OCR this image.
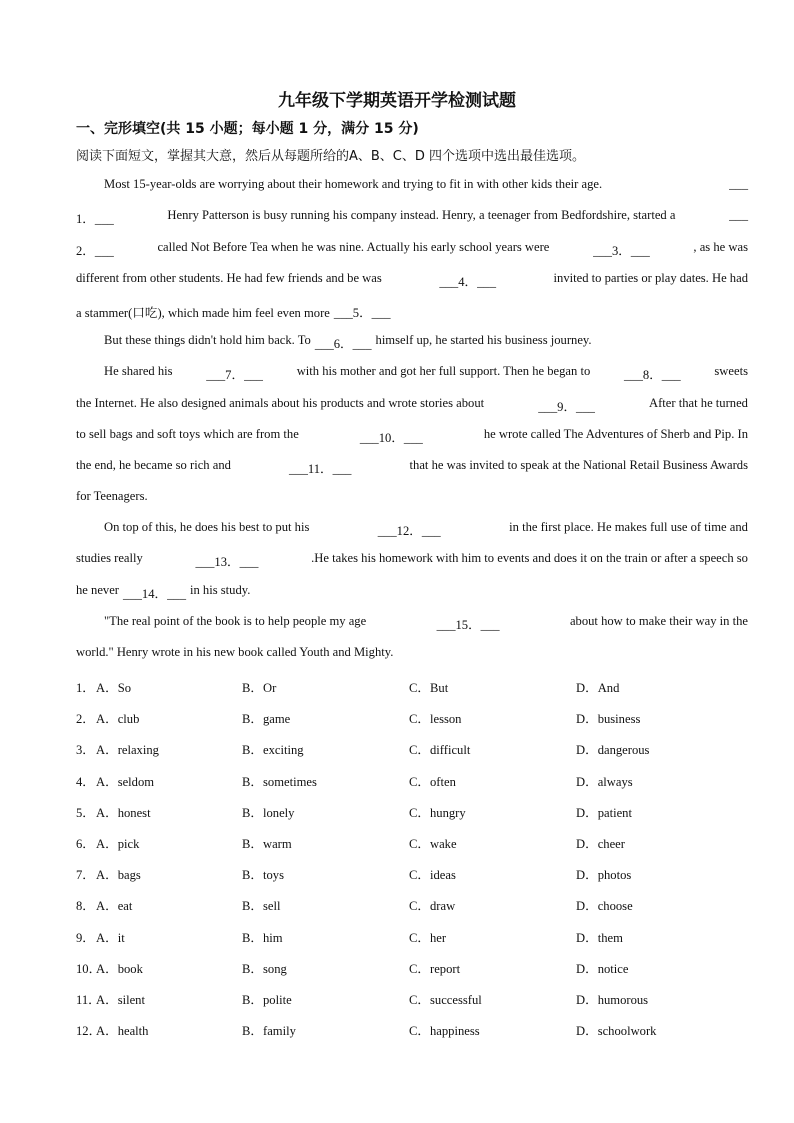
九年级下学期英语开学检测试题
一、完形填空(共 15 小题；每小题 1 分，满分 15 分)
阅读下面短文，掌握其大意，然后从每题所给的A、B、C、D 四个选项中选出最佳选项。
Most 15-year-olds are worrying about their homework and trying to fit in with other kids their age.	___
1．___	Henry Patterson is busy running his company instead. Henry, a teenager from Bedfordshire, started a	___
2．___	called Not Before Tea when he was nine. Actually his early school years were	___3．___	, as he was
different from other students. He had few friends and be was	___4．___	invited to parties or play dates. He had
a stammer(口吃), which made him feel even more ___5．___
But these things didn't hold him back. To ___6．___ himself up, he started his business journey.
He shared his	___7．___	with his mother and got her full support. Then he began to	___8．___	sweets
the Internet. He also designed animals about his products and wrote stories about	___9．___	After that he turned
to sell bags and soft toys which are from the	___10．___	he wrote called The Adventures of Sherb and Pip. In
the end, he became so rich and	___11．___	that he was invited to speak at the National Retail Business Awards
for Teenagers.
On top of this, he does his best to put his	___12．___	in the first place. He makes full use of time and
studies really	___13．___	.He takes his homework with him to events and does it on the train or after a speech so
he never ___14．___ in his study.
"The real point of the book is to help people my age	___15．___	about how to make their way in the
world." Henry wrote in his new book called Youth and Mighty.
1． A．So	B．Or	C．But	D．And
2． A．club	B．game	C．lesson	D．business
3． A．relaxing	B．exciting	C．difficult	D．dangerous
4． A．seldom	B．sometimes	C．often	D．always
5． A．honest	B．lonely	C．hungry	D．patient
6． A．pick	B．warm	C．wake	D．cheer
7． A．bags	B．toys	C．ideas	D．photos
8． A．eat	B．sell	C．draw	D．choose
9． A．it	B．him	C．her	D．them
10．
A．book	B．song	C．report	D．notice
11．
A．silent	B．polite	C．successful	D．humorous
12．
A．health	B．family	C．happiness	D．schoolwork
